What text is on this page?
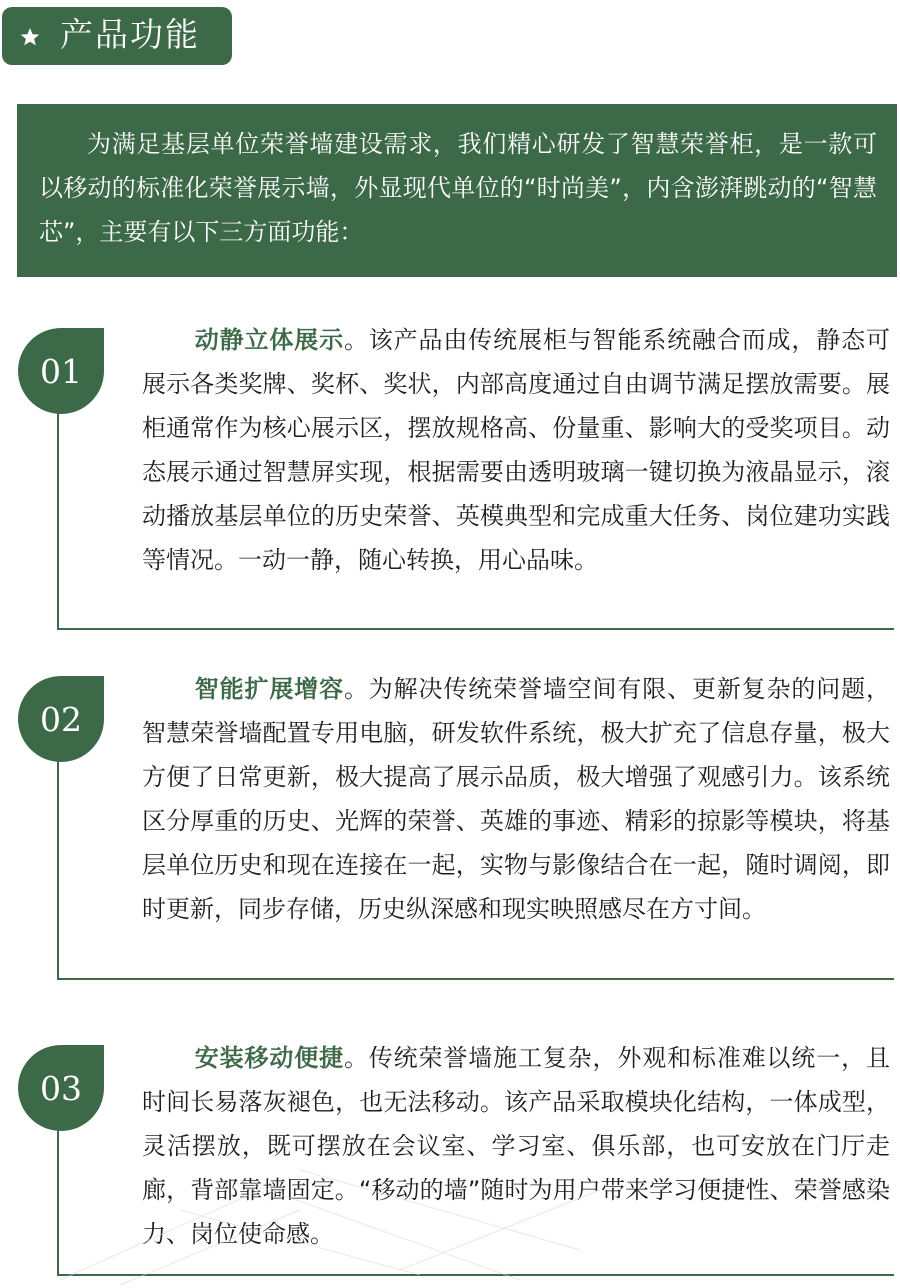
产品功能

为满足基层单位荣誉墙建设需求，我们精心研发了智慧荣誉柜，是一款可以移动的标准化荣誉展示墙，外显现代单位的“时尚美”，内含澎湃跳动的“智慧芯”，主要有以下三方面功能：

01

动静立体展示。该产品由传统展柜与智能系统融合而成，静态可展示各类奖牌、奖杯、奖状，内部高度通过自由调节满足摆放需要。展柜通常作为核心展示区，摆放规格高、份量重、影响大的受奖项目。动态展示通过智慧屏实现，根据需要由透明玻璃一键切换为液晶显示，滚动播放基层单位的历史荣誉、英模典型和完成重大任务、岗位建功实践等情况。一动一静，随心转换，用心品味。

02

智能扩展增容。为解决传统荣誉墙空间有限、更新复杂的问题，智慧荣誉墙配置专用电脑，研发软件系统，极大扩充了信息存量，极大方便了日常更新，极大提高了展示品质，极大增强了观感引力。该系统区分厚重的历史、光辉的荣誉、英雄的事迹、精彩的掠影等模块，将基层单位历史和现在连接在一起，实物与影像结合在一起，随时调阅，即时更新，同步存储，历史纵深感和现实映照感尽在方寸间。

03

安装移动便捷。传统荣誉墙施工复杂，外观和标准难以统一，且时间长易落灰褪色，也无法移动。该产品采取模块化结构，一体成型，灵活摆放，既可摆放在会议室、学习室、俱乐部，也可安放在门厅走廊，背部靠墙固定。“移动的墙”随时为用户带来学习便捷性、荣誉感染力、岗位使命感。
